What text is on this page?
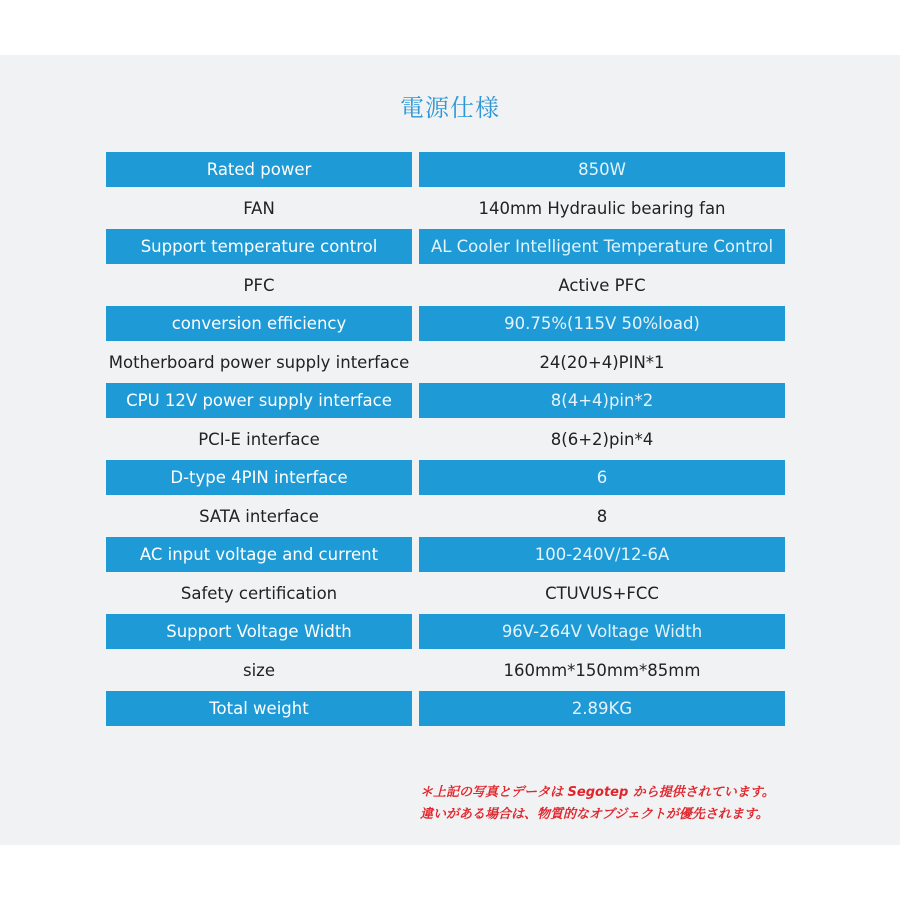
電源仕様
Rated power	850W
FAN	140mm Hydraulic bearing fan
Support temperature control	AL Cooler Intelligent Temperature Control
PFC	Active PFC
conversion efficiency	90.75%(115V 50%load)
Motherboard power supply interface	24(20+4)PIN*1
CPU 12V power supply interface	8(4+4)pin*2
PCI-E interface	8(6+2)pin*4
D-type 4PIN interface	6
SATA interface	8
AC input voltage and current	100-240V/12-6A
Safety certification	CTUVUS+FCC
Support Voltage Width	96V-264V Voltage Width
size	160mm*150mm*85mm
Total weight	2.89KG
＊上記の写真とデータは Segotep から提供されています。
違いがある場合は、物質的なオブジェクトが優先されます。
